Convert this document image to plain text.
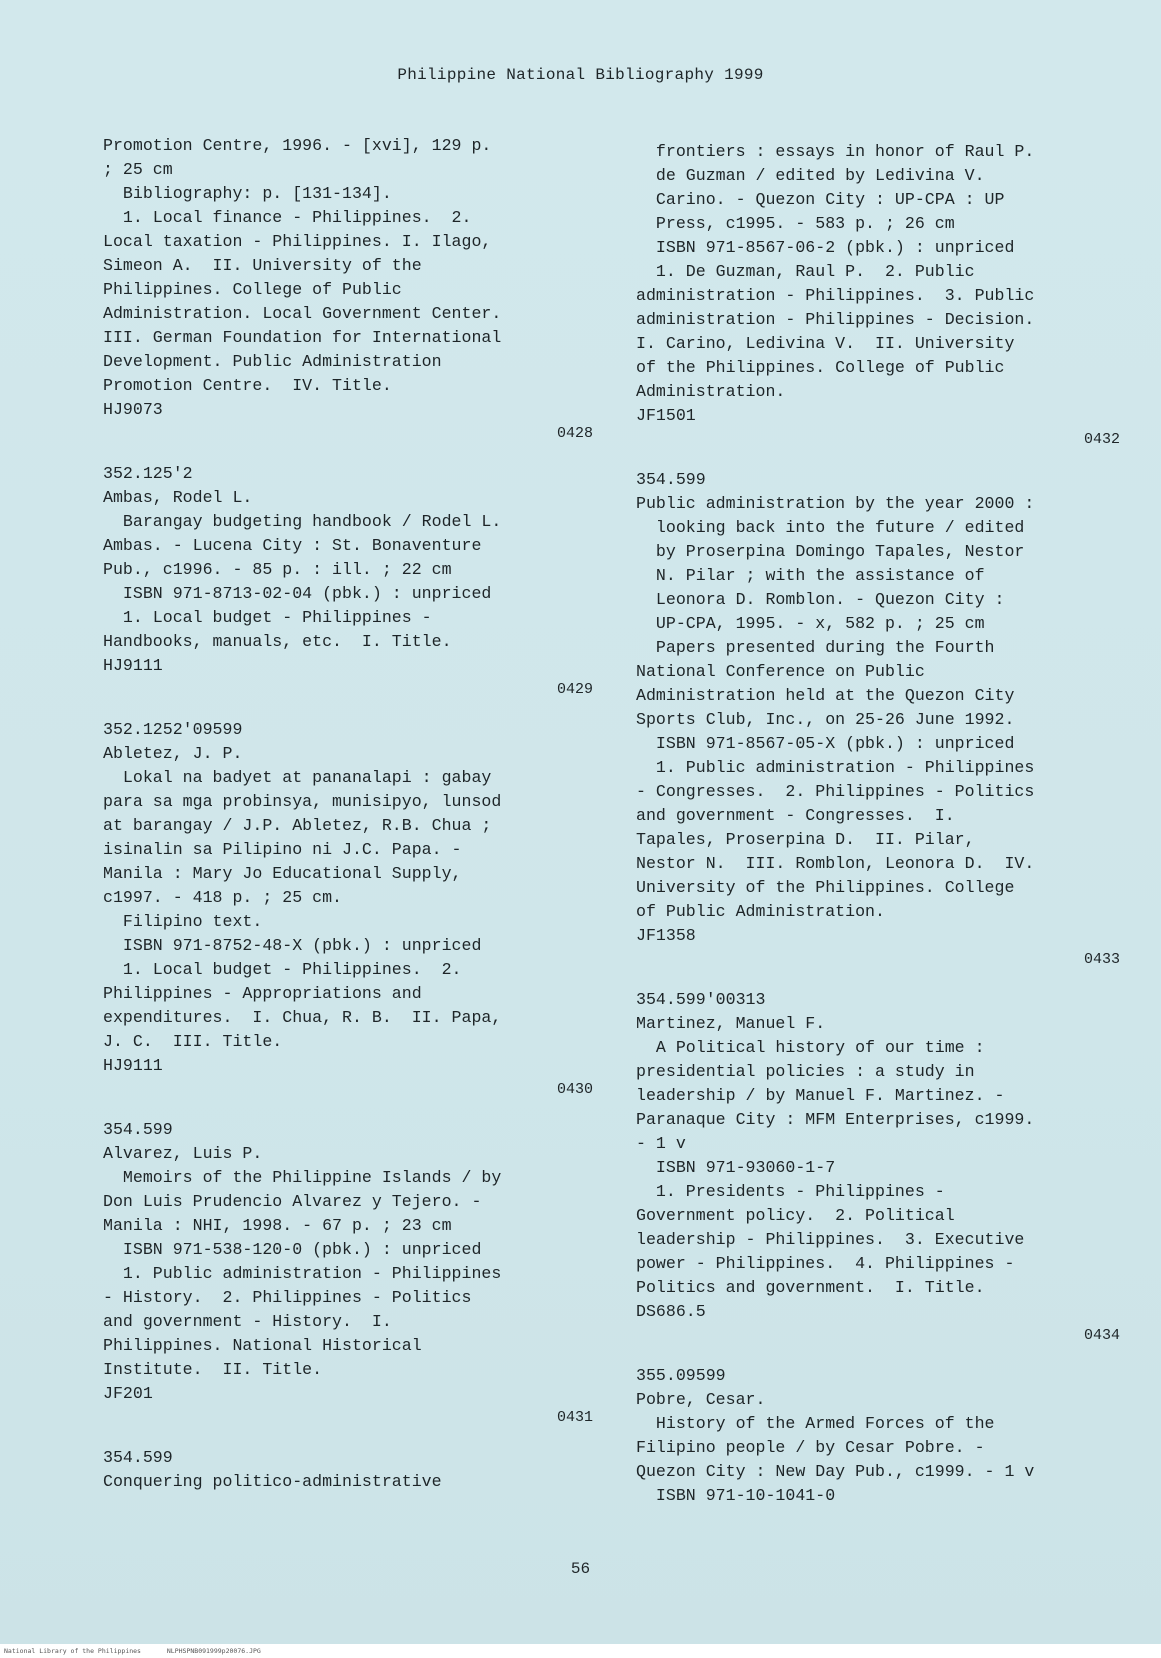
Philippine National Bibliography 1999
Promotion Centre, 1996. - [xvi], 129 p.
; 25 cm
Bibliography: p. [131-134].
1. Local finance - Philippines.  2.
Local taxation - Philippines. I. Ilago,
Simeon A.  II. University of the
Philippines. College of Public
Administration. Local Government Center.
III. German Foundation for International
Development. Public Administration
Promotion Centre.  IV. Title.
HJ9073
0428
352.125'2
Ambas, Rodel L.
Barangay budgeting handbook / Rodel L.
Ambas. - Lucena City : St. Bonaventure
Pub., c1996. - 85 p. : ill. ; 22 cm
ISBN 971-8713-02-04 (pbk.) : unpriced
1. Local budget - Philippines -
Handbooks, manuals, etc.  I. Title.
HJ9111
0429
352.1252'09599
Abletez, J. P.
Lokal na badyet at pananalapi : gabay
para sa mga probinsya, munisipyo, lunsod
at barangay / J.P. Abletez, R.B. Chua ;
isinalin sa Pilipino ni J.C. Papa. -
Manila : Mary Jo Educational Supply,
c1997. - 418 p. ; 25 cm.
Filipino text.
ISBN 971-8752-48-X (pbk.) : unpriced
1. Local budget - Philippines.  2.
Philippines - Appropriations and
expenditures.  I. Chua, R. B.  II. Papa,
J. C.  III. Title.
HJ9111
0430
354.599
Alvarez, Luis P.
Memoirs of the Philippine Islands / by
Don Luis Prudencio Alvarez y Tejero. -
Manila : NHI, 1998. - 67 p. ; 23 cm
ISBN 971-538-120-0 (pbk.) : unpriced
1. Public administration - Philippines
- History.  2. Philippines - Politics
and government - History.  I.
Philippines. National Historical
Institute.  II. Title.
JF201
0431
354.599
Conquering politico-administrative
frontiers : essays in honor of Raul P.
de Guzman / edited by Ledivina V.
Carino. - Quezon City : UP-CPA : UP
Press, c1995. - 583 p. ; 26 cm
ISBN 971-8567-06-2 (pbk.) : unpriced
1. De Guzman, Raul P.  2. Public
administration - Philippines.  3. Public
administration - Philippines - Decision.
I. Carino, Ledivina V.  II. University
of the Philippines. College of Public
Administration.
JF1501
0432
354.599
Public administration by the year 2000 :
looking back into the future / edited
by Proserpina Domingo Tapales, Nestor
N. Pilar ; with the assistance of
Leonora D. Romblon. - Quezon City :
UP-CPA, 1995. - x, 582 p. ; 25 cm
Papers presented during the Fourth
National Conference on Public
Administration held at the Quezon City
Sports Club, Inc., on 25-26 June 1992.
ISBN 971-8567-05-X (pbk.) : unpriced
1. Public administration - Philippines
- Congresses.  2. Philippines - Politics
and government - Congresses.  I.
Tapales, Proserpina D.  II. Pilar,
Nestor N.  III. Romblon, Leonora D.  IV.
University of the Philippines. College
of Public Administration.
JF1358
0433
354.599'00313
Martinez, Manuel F.
A Political history of our time :
presidential policies : a study in
leadership / by Manuel F. Martinez. -
Paranaque City : MFM Enterprises, c1999.
- 1 v
ISBN 971-93060-1-7
1. Presidents - Philippines -
Government policy.  2. Political
leadership - Philippines.  3. Executive
power - Philippines.  4. Philippines -
Politics and government.  I. Title.
DS686.5
0434
355.09599
Pobre, Cesar.
History of the Armed Forces of the
Filipino people / by Cesar Pobre. -
Quezon City : New Day Pub., c1999. - 1 v
ISBN 971-10-1041-0
56
National Library of the Philippines	NLPHSPNB091999p20076.JPG
